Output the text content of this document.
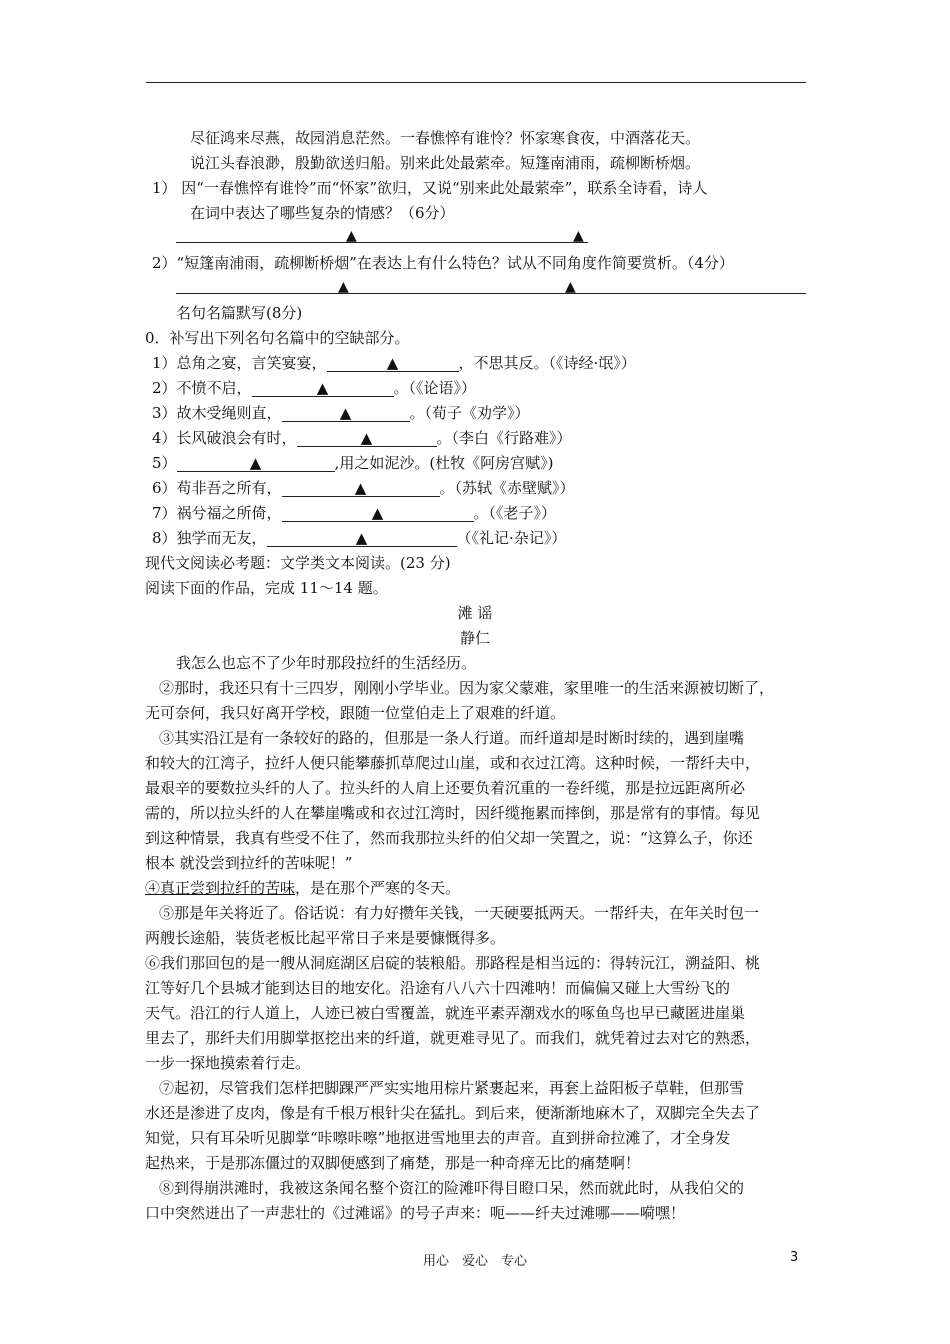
尽征鸿来尽燕，故园消息茫然。一春憔悴有谁怜？怀家寒食夜，中酒落花天。
说江头春浪渺，殷勤欲送归船。别来此处最萦牵。短篷南浦雨，疏柳断桥烟。
1） 因“一春憔悴有谁怜”而“怀家”欲归，又说“别来此处最萦牵”，联系全诗看，诗人
在词中表达了哪些复杂的情感？（6分）
▲	▲
2）“短篷南浦雨，疏柳断桥烟”在表达上有什么特色？试从不同角度作简要赏析。（4分）
▲	▲
名句名篇默写(8分)
0．补写出下列名句名篇中的空缺部分。
1）总角之宴，言笑宴宴，	▲	，不思其反。（《诗经·氓》）
2）不愤不启，	▲	。（《论语》）
3）故木受绳则直，	▲	。（荀子《劝学》）
4）长风破浪会有时，	▲	。（李白《行路难》）
5）	▲	,用之如泥沙。(杜牧《阿房宫赋》)
6）苟非吾之所有，	▲	。（苏轼《赤壁赋》）
7）祸兮福之所倚，	▲	。（《老子》）
8）独学而无友，	▲	（《礼记·杂记》）
现代文阅读必考题：文学类文本阅读。(23 分)
阅读下面的作品，完成 11～14 题。
滩 谣
静仁
我怎么也忘不了少年时那段拉纤的生活经历。
②那时，我还只有十三四岁，刚刚小学毕业。因为家父蒙难，家里唯一的生活来源被切断了，
无可奈何，我只好离开学校，跟随一位堂伯走上了艰难的纤道。
③其实沿江是有一条较好的路的，但那是一条人行道。而纤道却是时断时续的，遇到崖嘴
和较大的江湾子，拉纤人便只能攀藤抓草爬过山崖，或和衣过江湾。这种时候，一帮纤夫中，
最艰辛的要数拉头纤的人了。拉头纤的人肩上还要负着沉重的一卷纤缆，那是拉远距离所必
需的，所以拉头纤的人在攀崖嘴或和衣过江湾时，因纤缆拖累而摔倒，那是常有的事情。每见
到这种情景，我真有些受不住了，然而我那拉头纤的伯父却一笑置之，说：“这算么子，你还
根本 就没尝到拉纤的苦味呢！”
④真正尝到拉纤的苦味，是在那个严寒的冬天。
⑤那是年关将近了。俗话说：有力好攒年关钱，一天硬要抵两天。一帮纤夫，在年关时包一
两艘长途船，装货老板比起平常日子来是要慷慨得多。
⑥我们那回包的是一艘从洞庭湖区启碇的装粮船。那路程是相当远的：得转沅江，溯益阳、桃
江等好几个县城才能到达目的地安化。沿途有八八六十四滩呐！而偏偏又碰上大雪纷飞的
天气。沿江的行人道上，人迹已被白雪覆盖，就连平素弄潮戏水的啄鱼鸟也早已藏匿进崖巢
里去了，那纤夫们用脚掌抠挖出来的纤道，就更难寻见了。而我们，就凭着过去对它的熟悉，
一步一探地摸索着行走。
⑦起初，尽管我们怎样把脚踝严严实实地用棕片紧裹起来，再套上益阳板子草鞋，但那雪
水还是渗进了皮肉，像是有千根万根针尖在猛扎。到后来，便渐渐地麻木了，双脚完全失去了
知觉，只有耳朵听见脚掌“咔嚓咔嚓”地抠进雪地里去的声音。直到拼命拉滩了，才全身发
起热来，于是那冻僵过的双脚便感到了痛楚，那是一种奇痒无比的痛楚啊！
⑧到得崩洪滩时，我被这条闻名整个资江的险滩吓得目瞪口呆，然而就此时，从我伯父的
口中突然迸出了一声悲壮的《过滩谣》的号子声来：呃——纤夫过滩哪——嗬嘿！
用心　爱心　专心	3
